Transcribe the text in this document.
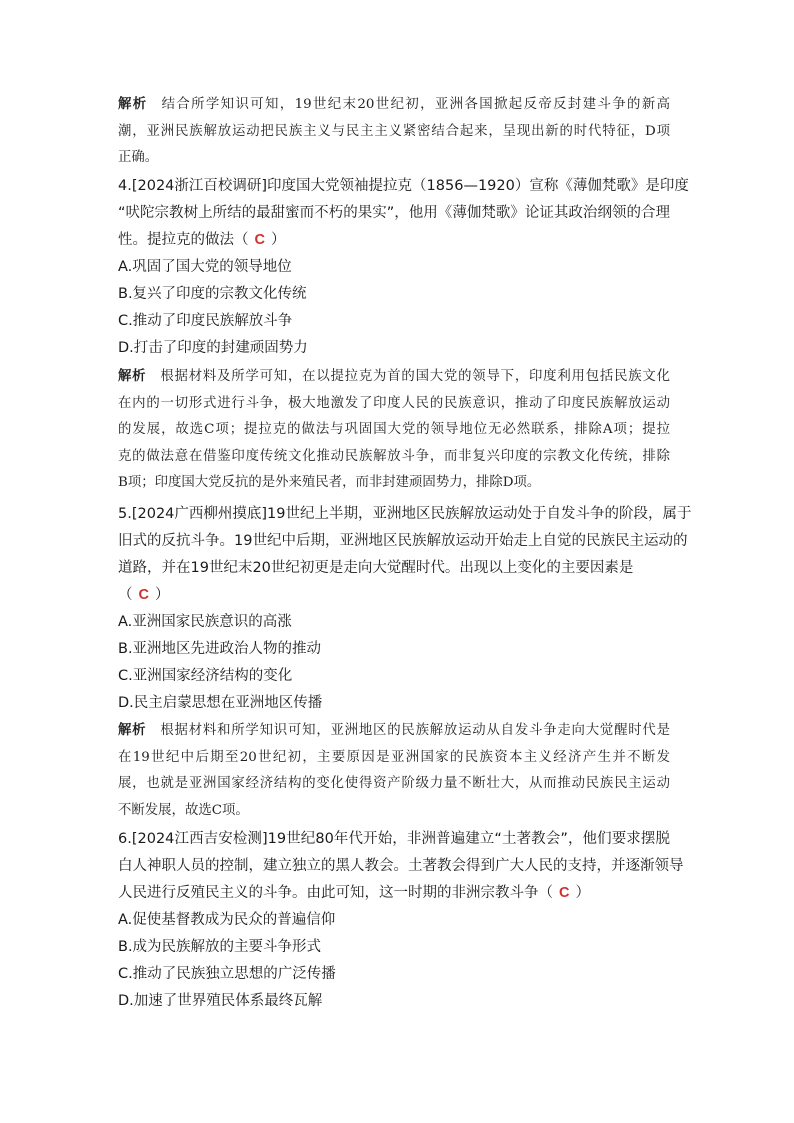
解析 结合所学知识可知，19世纪末20世纪初，亚洲各国掀起反帝反封建斗争的新高
潮，亚洲民族解放运动把民族主义与民主主义紧密结合起来，呈现出新的时代特征，D项
正确。
4.[2024浙江百校调研]印度国大党领袖提拉克（1856—1920）宣称《薄伽梵歌》是印度
“吠陀宗教树上所结的最甜蜜而不朽的果实”，他用《薄伽梵歌》论证其政治纲领的合理
性。提拉克的做法（ C ）
A.巩固了国大党的领导地位
B.复兴了印度的宗教文化传统
C.推动了印度民族解放斗争
D.打击了印度的封建顽固势力
解析 根据材料及所学可知，在以提拉克为首的国大党的领导下，印度利用包括民族文化
在内的一切形式进行斗争，极大地激发了印度人民的民族意识，推动了印度民族解放运动
的发展，故选C项；提拉克的做法与巩固国大党的领导地位无必然联系，排除A项；提拉
克的做法意在借鉴印度传统文化推动民族解放斗争，而非复兴印度的宗教文化传统，排除
B项；印度国大党反抗的是外来殖民者，而非封建顽固势力，排除D项。
5.[2024广西柳州摸底]19世纪上半期，亚洲地区民族解放运动处于自发斗争的阶段，属于
旧式的反抗斗争。19世纪中后期，亚洲地区民族解放运动开始走上自觉的民族民主运动的
道路，并在19世纪末20世纪初更是走向大觉醒时代。出现以上变化的主要因素是
（ C ）
A.亚洲国家民族意识的高涨
B.亚洲地区先进政治人物的推动
C.亚洲国家经济结构的变化
D.民主启蒙思想在亚洲地区传播
解析 根据材料和所学知识可知，亚洲地区的民族解放运动从自发斗争走向大觉醒时代是
在19世纪中后期至20世纪初，主要原因是亚洲国家的民族资本主义经济产生并不断发
展，也就是亚洲国家经济结构的变化使得资产阶级力量不断壮大，从而推动民族民主运动
不断发展，故选C项。
6.[2024江西吉安检测]19世纪80年代开始，非洲普遍建立“土著教会”，他们要求摆脱
白人神职人员的控制，建立独立的黑人教会。土著教会得到广大人民的支持，并逐渐领导
人民进行反殖民主义的斗争。由此可知，这一时期的非洲宗教斗争（ C ）
A.促使基督教成为民众的普遍信仰
B.成为民族解放的主要斗争形式
C.推动了民族独立思想的广泛传播
D.加速了世界殖民体系最终瓦解
